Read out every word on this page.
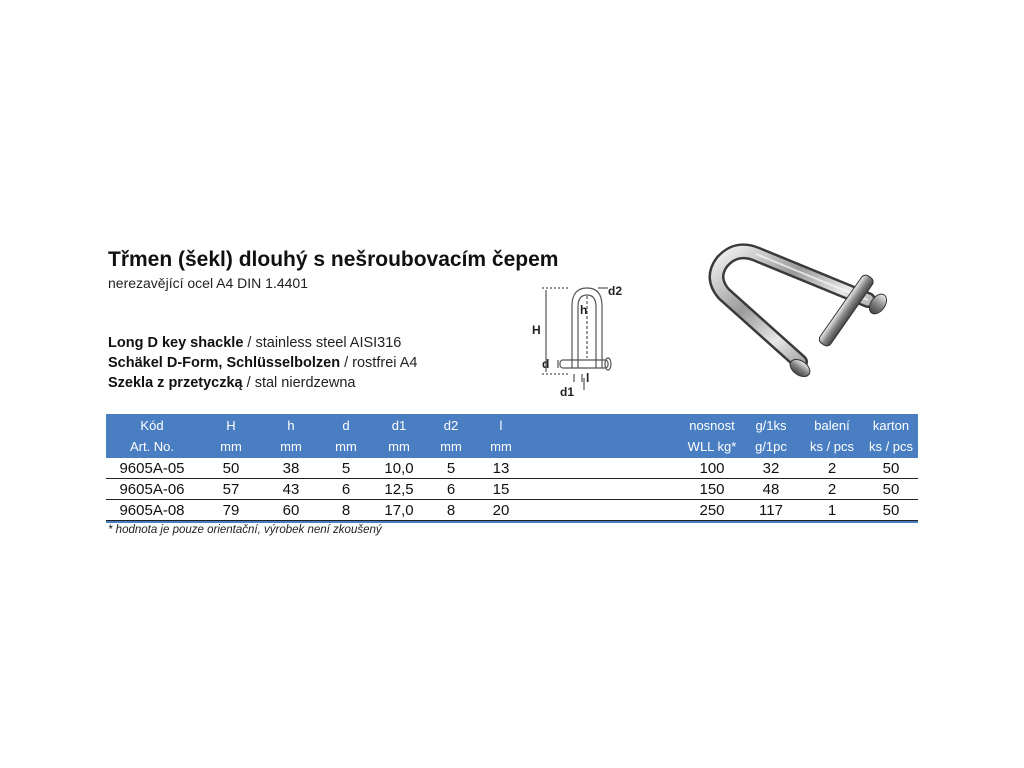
Třmen (šekl) dlouhý s nešroubovacím čepem
nerezavějící ocel A4 DIN 1.4401
Long D key shackle / stainless steel AISI316
Schäkel D-Form, Schlüsselbolzen / rostfrei A4
Szekla z przetyczką / stal nierdzewna
H
h
d
d1
d2
l
Kód	H	h	d	d1	d2	l	nosnost	g/1ks	balení	karton
Art. No.	mm	mm	mm	mm	mm	mm	WLL kg*	g/1pc	ks / pcs	ks / pcs
9605A-05	50	38	5	10,0	5	13	100	32	2	50
9605A-06	57	43	6	12,5	6	15	150	48	2	50
9605A-08	79	60	8	17,0	8	20	250	117	1	50
* hodnota je pouze orientační, výrobek není zkoušený
